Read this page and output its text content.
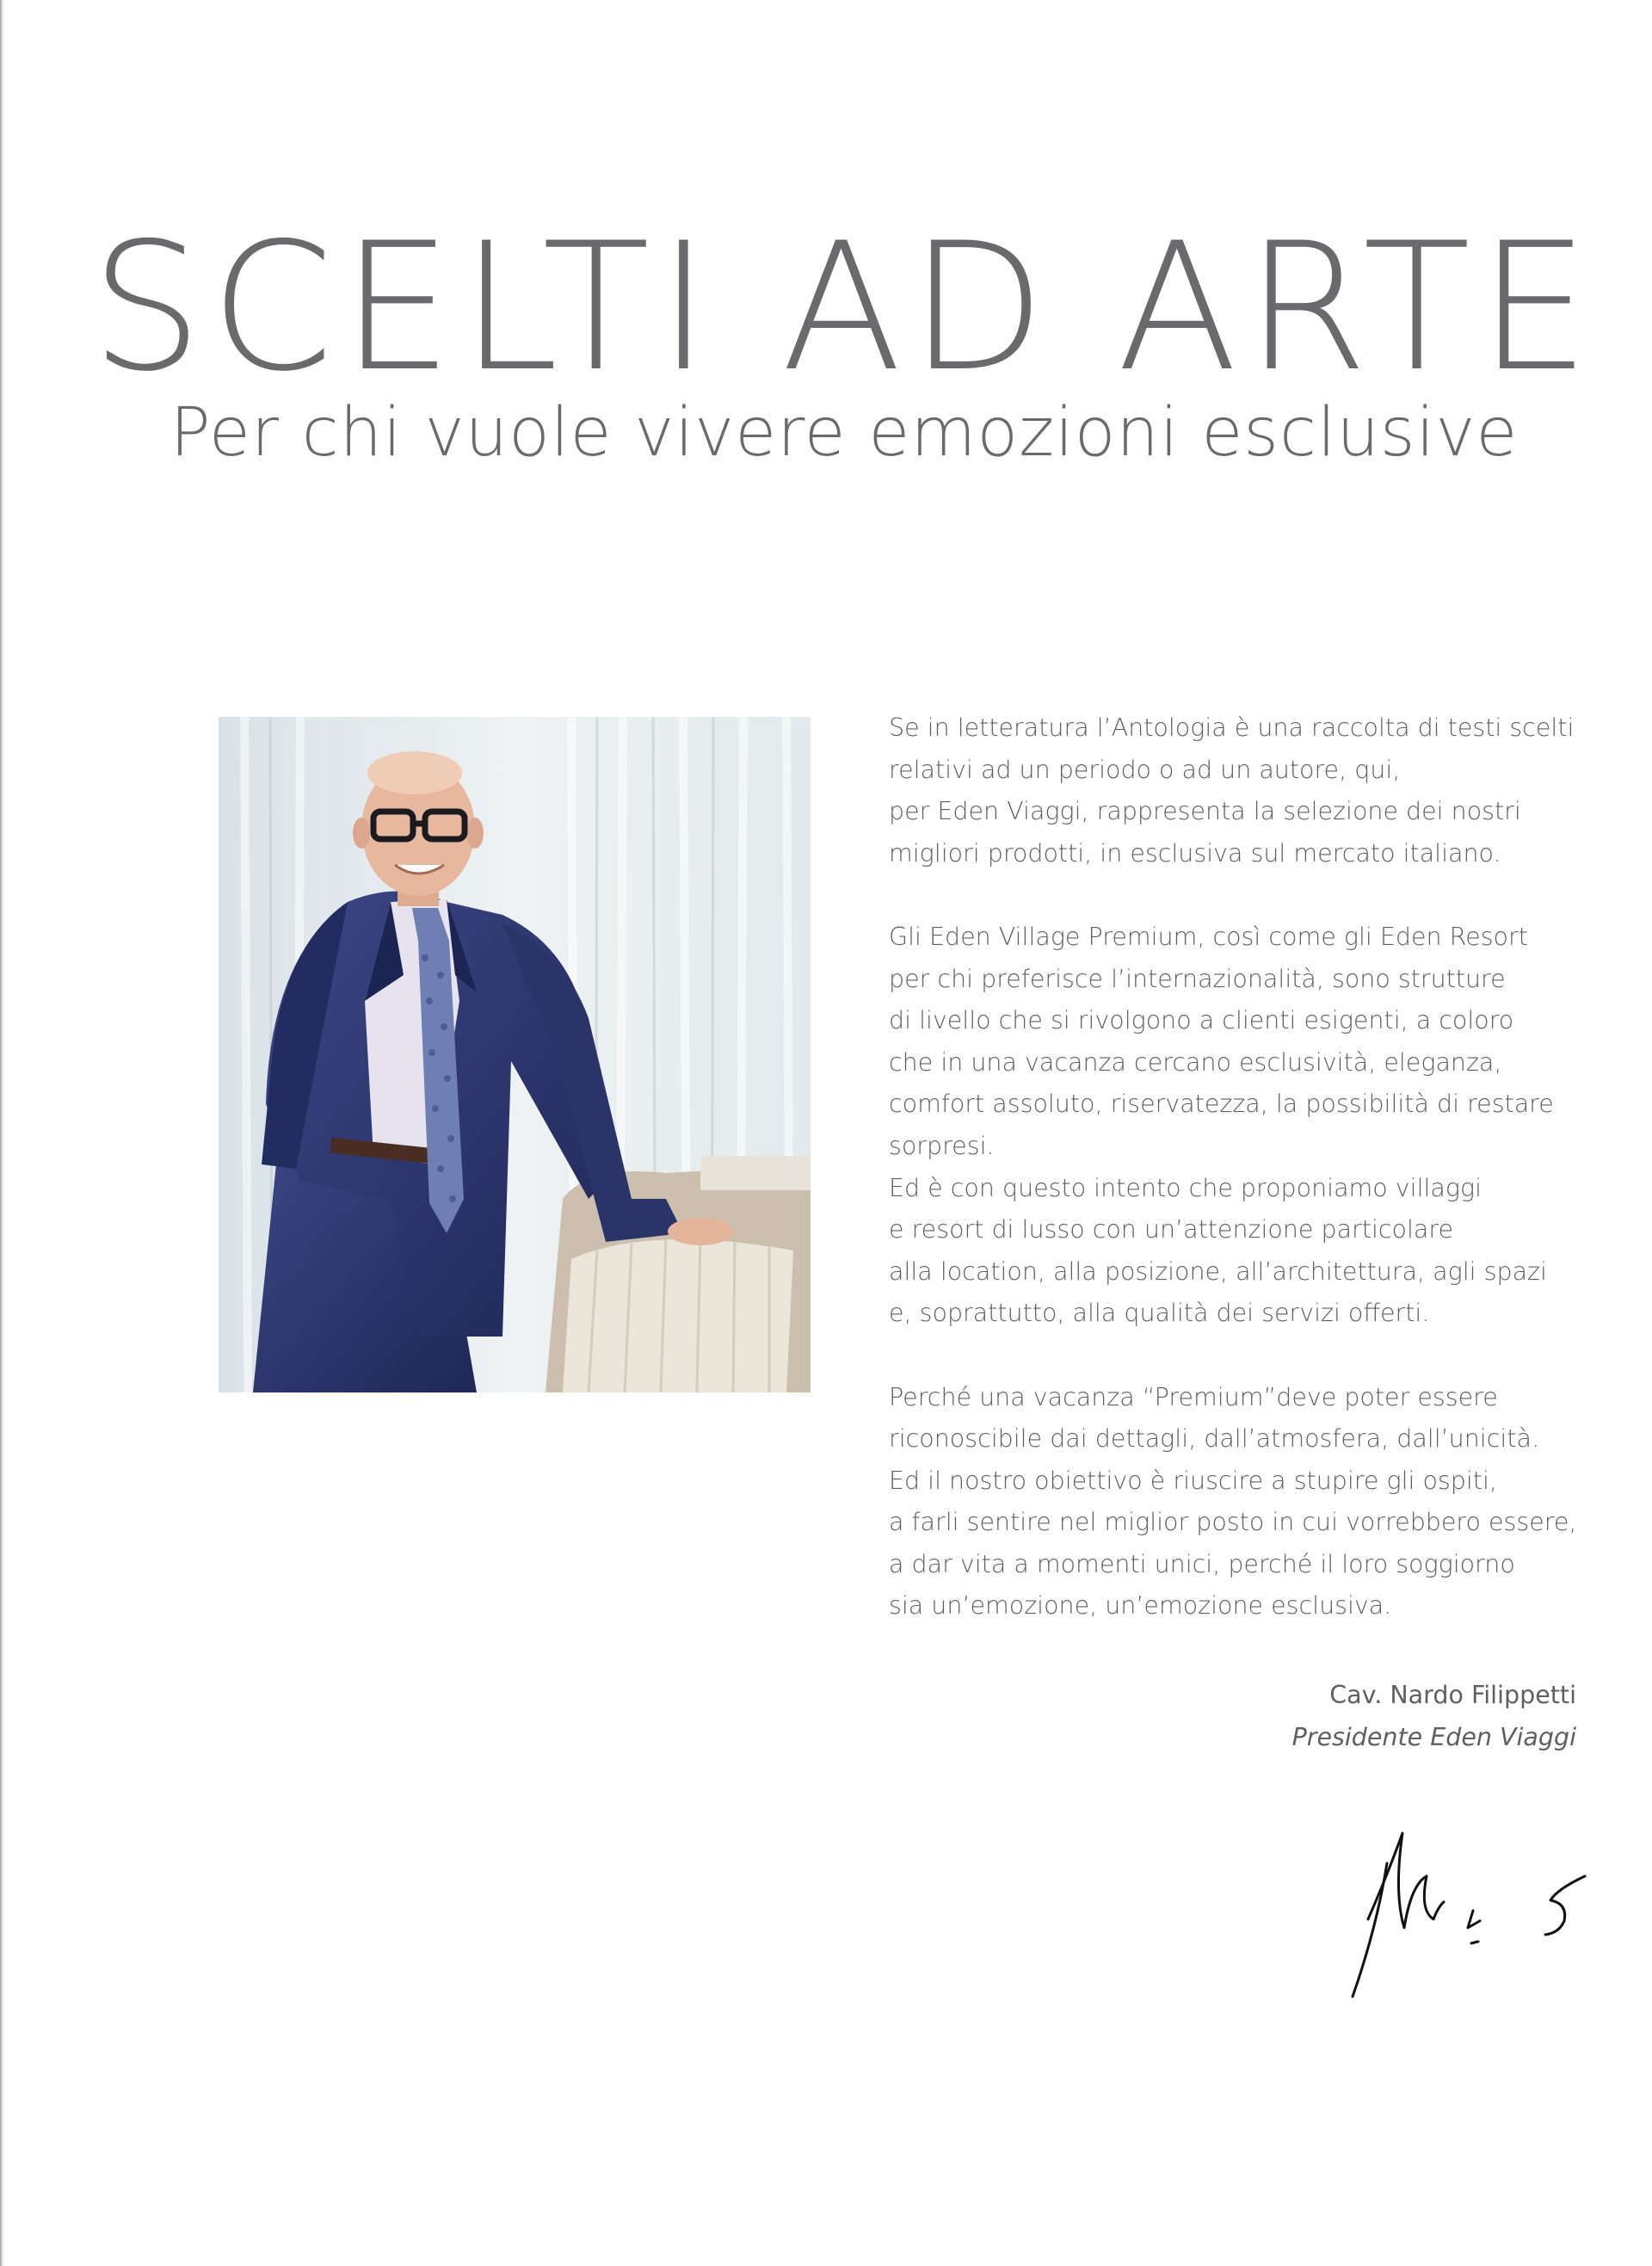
SCELTI AD ARTE
Per chi vuole vivere emozioni esclusive

Se in letteratura l’Antologia è una raccolta di testi scelti
relativi ad un periodo o ad un autore, qui,
per Eden Viaggi, rappresenta la selezione dei nostri
migliori prodotti, in esclusiva sul mercato italiano.

Gli Eden Village Premium, così come gli Eden Resort
per chi preferisce l’internazionalità, sono strutture
di livello che si rivolgono a clienti esigenti, a coloro
che in una vacanza cercano esclusività, eleganza,
comfort assoluto, riservatezza, la possibilità di restare
sorpresi.

Ed è con questo intento che proponiamo villaggi
e resort di lusso con un’attenzione particolare
alla location, alla posizione, all’architettura, agli spazi
e, soprattutto, alla qualità dei servizi offerti.

Perché una vacanza “Premium”deve poter essere
riconoscibile dai dettagli, dall’atmosfera, dall’unicità.
Ed il nostro obiettivo è riuscire a stupire gli ospiti,
a farli sentire nel miglior posto in cui vorrebbero essere,
a dar vita a momenti unici, perché il loro soggiorno
sia un’emozione, un’emozione esclusiva.

Cav. Nardo Filippetti
Presidente Eden Viaggi
